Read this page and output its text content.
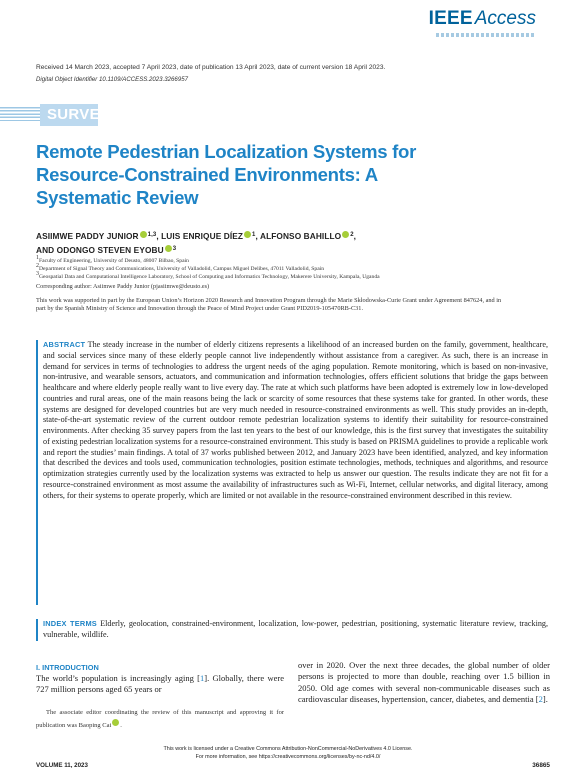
IEEE Access
Received 14 March 2023, accepted 7 April 2023, date of publication 13 April 2023, date of current version 18 April 2023.
Digital Object Identifier 10.1109/ACCESS.2023.3266957
SURVEY
Remote Pedestrian Localization Systems for Resource-Constrained Environments: A Systematic Review
ASIIMWE PADDY JUNIOR $^{1,3}$, LUIS ENRIQUE DÍEZ $^1$, ALFONSO BAHILLO $^2$,
AND ODONGO STEVEN EYOBU $^3$
1Faculty of Engineering, University of Deusto, 48007 Bilbao, Spain
2Department of Signal Theory and Communications, University of Valladolid, Campus Miguel Delibes, 47011 Valladolid, Spain
3Geospatial Data and Computational Intelligence Laboratory, School of Computing and Informatics Technology, Makerere University, Kampala, Uganda
Corresponding author: Asiimwe Paddy Junior (pjasiimwe@deusto.es)
This work was supported in part by the European Union’s Horizon 2020 Research and Innovation Program through the Marie Skłodowska-Curie Grant under Agreement 847624, and in part by the Spanish Ministry of Science and Innovation through the Peace of Mind Project under Grant PID2019-105470RB-C31.
ABSTRACT The steady increase in the number of elderly citizens represents a likelihood of an increased burden on the family, government, healthcare, and social services since many of these elderly people cannot live independently without assistance from a caregiver. As such, there is an increase in demand for services in terms of technologies to address the urgent needs of the aging population. Remote monitoring, which is based on non-invasive, non-intrusive, and wearable sensors, actuators, and communication and information technologies, offers efficient solutions that bridge the gaps between healthcare and where elderly people really want to live every day. The rate at which such platforms have been adopted is extremely low in low-developed countries and rural areas, one of the main reasons being the lack or scarcity of some resources that these systems take for granted. In other words, these systems are designed for developed countries but are very much needed in resource-constrained environments as well. This study provides an in-depth, state-of-the-art systematic review of the current outdoor remote pedestrian localization systems to identify their suitability for resource-constrained environments. After checking 35 survey papers from the last ten years to the best of our knowledge, this is the first survey that investigates the suitability of existing pedestrian localization systems for a resource-constrained environment. This study is based on PRISMA guidelines to provide a replicable work and report the studies’ main findings. A total of 37 works published between 2012, and January 2023 have been identified, analyzed, and key information that described the devices and tools used, communication technologies, position estimate technologies, methods, techniques and algorithms, and resource optimization strategies currently used by the localization systems was extracted to help us answer our question. The results indicate they are not fit for a resource-constrained environment as most assume the availability of infrastructures such as Wi-Fi, Internet, cellular networks, and digital literacy, among others, for their systems to operate properly, which are limited or not available in the resource-constrained environment described in this review.
INDEX TERMS Elderly, geolocation, constrained-environment, localization, low-power, pedestrian, positioning, systematic literature review, tracking, vulnerable, wildlife.
I. INTRODUCTION
The world’s population is increasingly aging [1]. Globally, there were 727 million persons aged 65 years or
over in 2020. Over the next three decades, the global number of older persons is projected to more than double, reaching over 1.5 billion in 2050. Old age comes with several non-communicable diseases such as cardiovascular diseases, hypertension, cancer, diabetes, and dementia [2].
The associate editor coordinating the review of this manuscript and approving it for publication was Baoping Cai .
This work is licensed under a Creative Commons Attribution-NonCommercial-NoDerivatives 4.0 License.
For more information, see https://creativecommons.org/licenses/by-nc-nd/4.0/
VOLUME 11, 2023	36865
